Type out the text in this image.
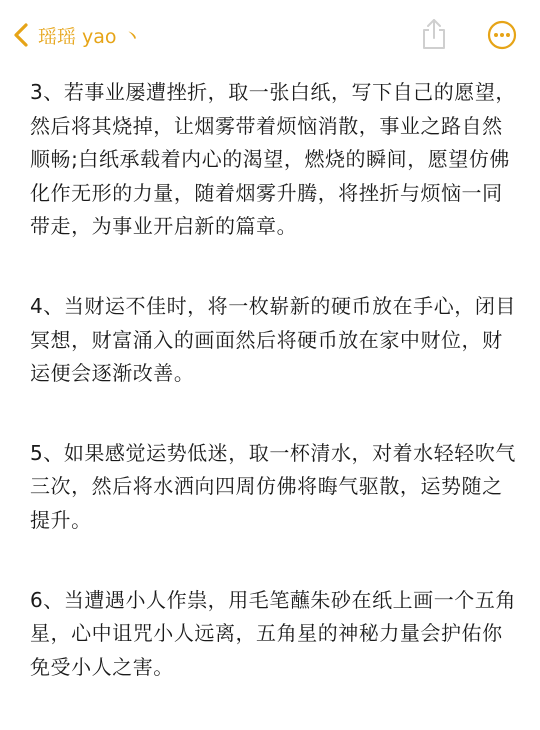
瑶瑶 yao 丶

3、若事业屡遭挫折，取一张白纸，写下自己的愿望，然后将其烧掉，让烟雾带着烦恼消散，事业之路自然顺畅;白纸承载着内心的渴望，燃烧的瞬间，愿望仿佛化作无形的力量，随着烟雾升腾，将挫折与烦恼一同带走，为事业开启新的篇章。

4、当财运不佳时，将一枚崭新的硬币放在手心，闭目冥想，财富涌入的画面然后将硬币放在家中财位，财运便会逐渐改善。

5、如果感觉运势低迷，取一杯清水，对着水轻轻吹气三次，然后将水洒向四周仿佛将晦气驱散，运势随之提升。

6、当遭遇小人作祟，用毛笔蘸朱砂在纸上画一个五角星，心中诅咒小人远离，五角星的神秘力量会护佑你免受小人之害。
